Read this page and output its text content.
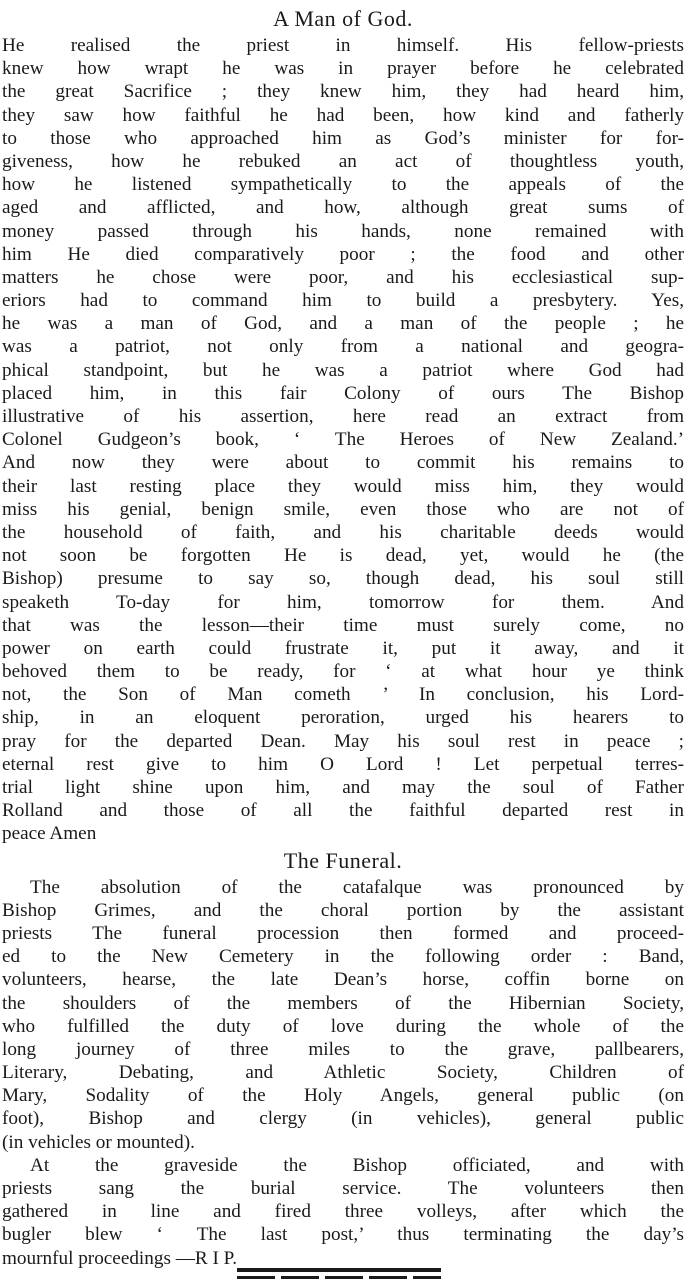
A Man of God.
He realised the priest in himself. His fellow-priests
knew how wrapt he was in prayer before he celebrated
the great Sacrifice ; they knew him, they had heard him,
they saw how faithful he had been, how kind and fatherly
to those who approached him as God’s minister for for-
giveness, how he rebuked an act of thoughtless youth,
how he listened sympathetically to the appeals of the
aged and afflicted, and how, although great sums of
money passed through his hands, none remained with
him He died comparatively poor ; the food and other
matters he chose were poor, and his ecclesiastical sup-
eriors had to command him to build a presbytery. Yes,
he was a man of God, and a man of the people ; he
was a patriot, not only from a national and geogra-
phical standpoint, but he was a patriot where God had
placed him, in this fair Colony of ours The Bishop
illustrative of his assertion, here read an extract from
Colonel Gudgeon’s book, ‘ The Heroes of New Zealand.’
And now they were about to commit his remains to
their last resting place they would miss him, they would
miss his genial, benign smile, even those who are not of
the household of faith, and his charitable deeds would
not soon be forgotten He is dead, yet, would he (the
Bishop) presume to say so, though dead, his soul still
speaketh To-day for him, tomorrow for them. And
that was the lesson—their time must surely come, no
power on earth could frustrate it, put it away, and it
behoved them to be ready, for ‘ at what hour ye think
not, the Son of Man cometh ’ In conclusion, his Lord-
ship, in an eloquent peroration, urged his hearers to
pray for the departed Dean. May his soul rest in peace ;
eternal rest give to him O Lord ! Let perpetual terres-
trial light shine upon him, and may the soul of Father
Rolland and those of all the faithful departed rest in
peace Amen
The Funeral.
The absolution of the catafalque was pronounced by
Bishop Grimes, and the choral portion by the assistant
priests The funeral procession then formed and proceed-
ed to the New Cemetery in the following order : Band,
volunteers, hearse, the late Dean’s horse, coffin borne on
the shoulders of the members of the Hibernian Society,
who fulfilled the duty of love during the whole of the
long journey of three miles to the grave, pallbearers,
Literary, Debating, and Athletic Society, Children of
Mary, Sodality of the Holy Angels, general public (on
foot), Bishop and clergy (in vehicles), general public
(in vehicles or mounted).
At the graveside the Bishop officiated, and with
priests sang the burial service. The volunteers then
gathered in line and fired three volleys, after which the
bugler blew ‘ The last post,’ thus terminating the day’s
mournful proceedings —R I P.
